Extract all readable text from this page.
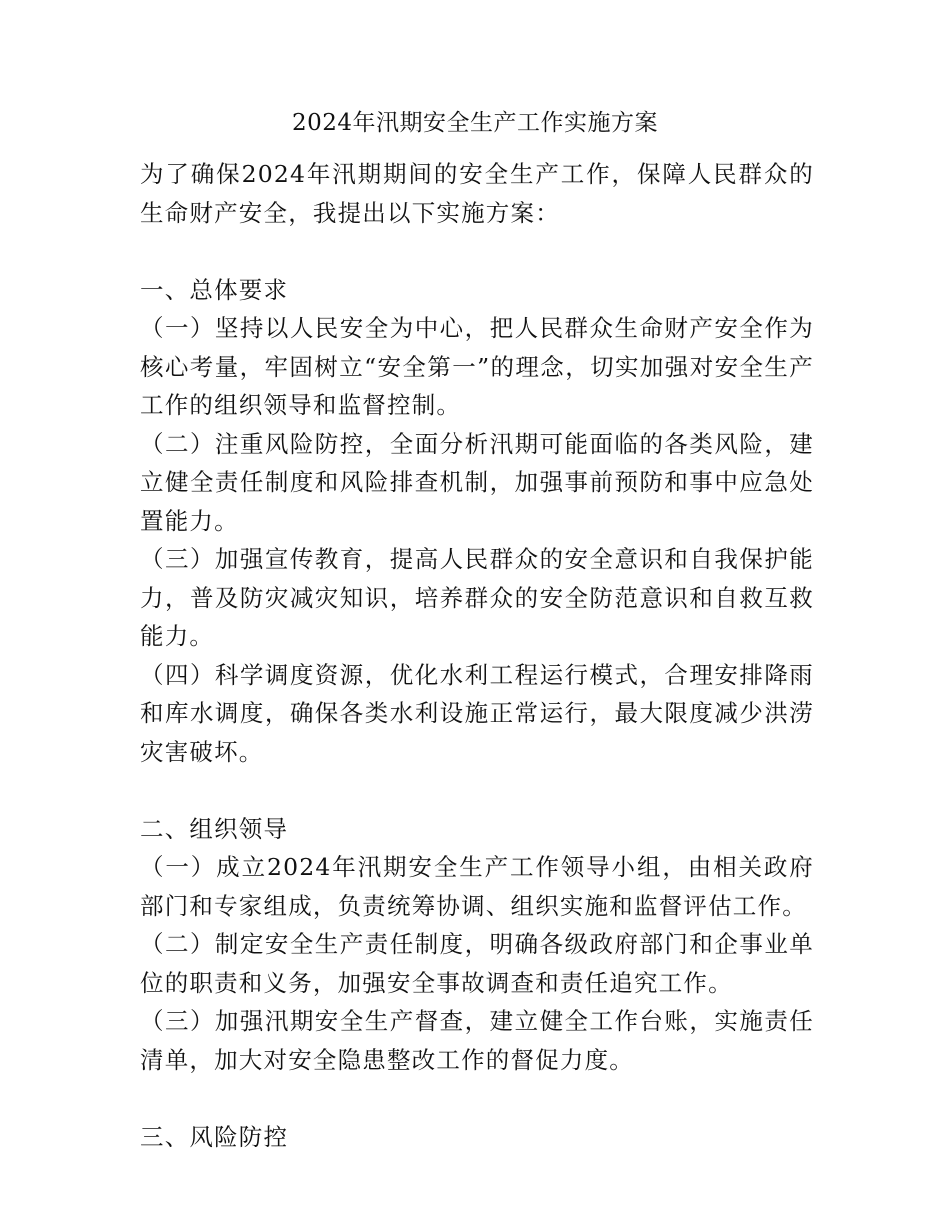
2024年汛期安全生产工作实施方案

为了确保2024年汛期期间的安全生产工作，保障人民群众的生命财产安全，我提出以下实施方案：

一、总体要求

（一）坚持以人民安全为中心，把人民群众生命财产安全作为核心考量，牢固树立“安全第一”的理念，切实加强对安全生产工作的组织领导和监督控制。

（二）注重风险防控，全面分析汛期可能面临的各类风险，建立健全责任制度和风险排查机制，加强事前预防和事中应急处置能力。

（三）加强宣传教育，提高人民群众的安全意识和自我保护能力，普及防灾减灾知识，培养群众的安全防范意识和自救互救能力。

（四）科学调度资源，优化水利工程运行模式，合理安排降雨和库水调度，确保各类水利设施正常运行，最大限度减少洪涝灾害破坏。

二、组织领导

（一）成立2024年汛期安全生产工作领导小组，由相关政府部门和专家组成，负责统筹协调、组织实施和监督评估工作。

（二）制定安全生产责任制度，明确各级政府部门和企事业单位的职责和义务，加强安全事故调查和责任追究工作。

（三）加强汛期安全生产督查，建立健全工作台账，实施责任清单，加大对安全隐患整改工作的督促力度。

三、风险防控
